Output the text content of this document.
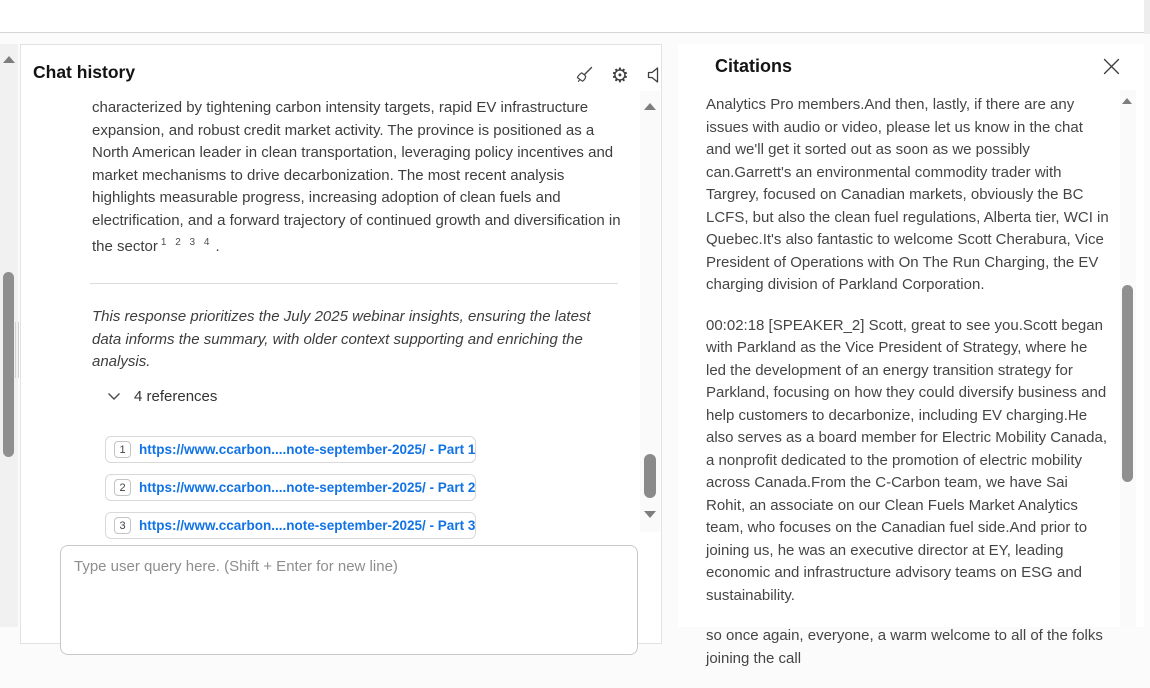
Chat history	⚙
characterized by tightening carbon intensity targets, rapid EV infrastructure expansion, and robust credit market activity. The province is positioned as a North American leader in clean transportation, leveraging policy incentives and market mechanisms to drive decarbonization. The most recent analysis highlights measurable progress, increasing adoption of clean fuels and electrification, and a forward trajectory of continued growth and diversification in the sector $^{1 2 3 4}$ .
This response prioritizes the July 2025 webinar insights, ensuring the latest data informs the summary, with older context supporting and enriching the analysis.
4 references
1 https://www.ccarbon....note-september-2025/ - Part 1
2 https://www.ccarbon....note-september-2025/ - Part 2
3 https://www.ccarbon....note-september-2025/ - Part 3
Type user query here. (Shift + Enter for new line)
Citations

Analytics Pro members.And then, lastly, if there are any issues with audio or video, please let us know in the chat and we'll get it sorted out as soon as we possibly can.Garrett's an environmental commodity trader with Targrey, focused on Canadian markets, obviously the BC LCFS, but also the clean fuel regulations, Alberta tier, WCI in Quebec.It's also fantastic to welcome Scott Cherabura, Vice President of Operations with On The Run Charging, the EV charging division of Parkland Corporation.

00:02:18 [SPEAKER_2] Scott, great to see you.Scott began with Parkland as the Vice President of Strategy, where he led the development of an energy transition strategy for Parkland, focusing on how they could diversify business and help customers to decarbonize, including EV charging.He also serves as a board member for Electric Mobility Canada, a nonprofit dedicated to the promotion of electric mobility across Canada.From the C-Carbon team, we have Sai Rohit, an associate on our Clean Fuels Market Analytics team, who focuses on the Canadian fuel side.And prior to joining us, he was an executive director at EY, leading economic and infrastructure advisory teams on ESG and sustainability.

so once again, everyone, a warm welcome to all of the folks joining the call
